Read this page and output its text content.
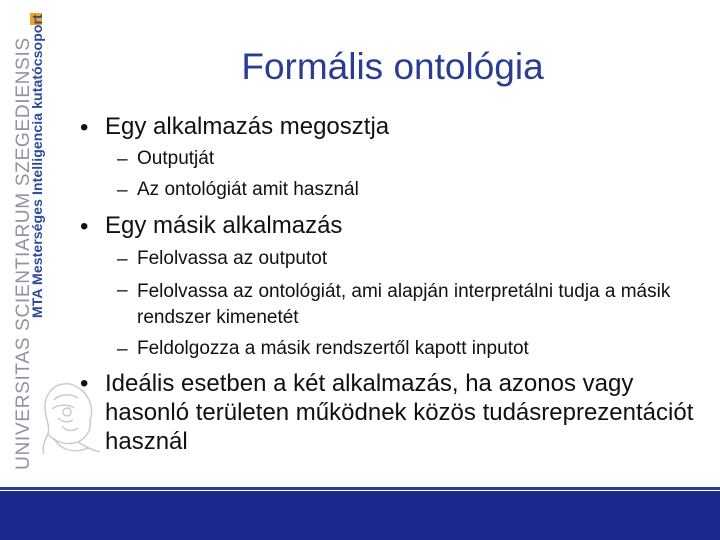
MTA Mesterséges Intelligencia kutatócsoport
UNIVERSITAS SCIENTIARUM SZEGEDIENSIS	Formális ontológia
• Egy alkalmazás megosztja
– Outputját
– Az ontológiát amit használ
• Egy másik alkalmazás
– Felolvassa az outputot
– Felolvassa az ontológiát, ami alapján interpretálni tudja a másik rendszer kimenetét
– Feldolgozza a másik rendszertől kapott inputot
• Ideális esetben a két alkalmazás, ha azonos vagy hasonló területen működnek közös tudásreprezentációt használ
